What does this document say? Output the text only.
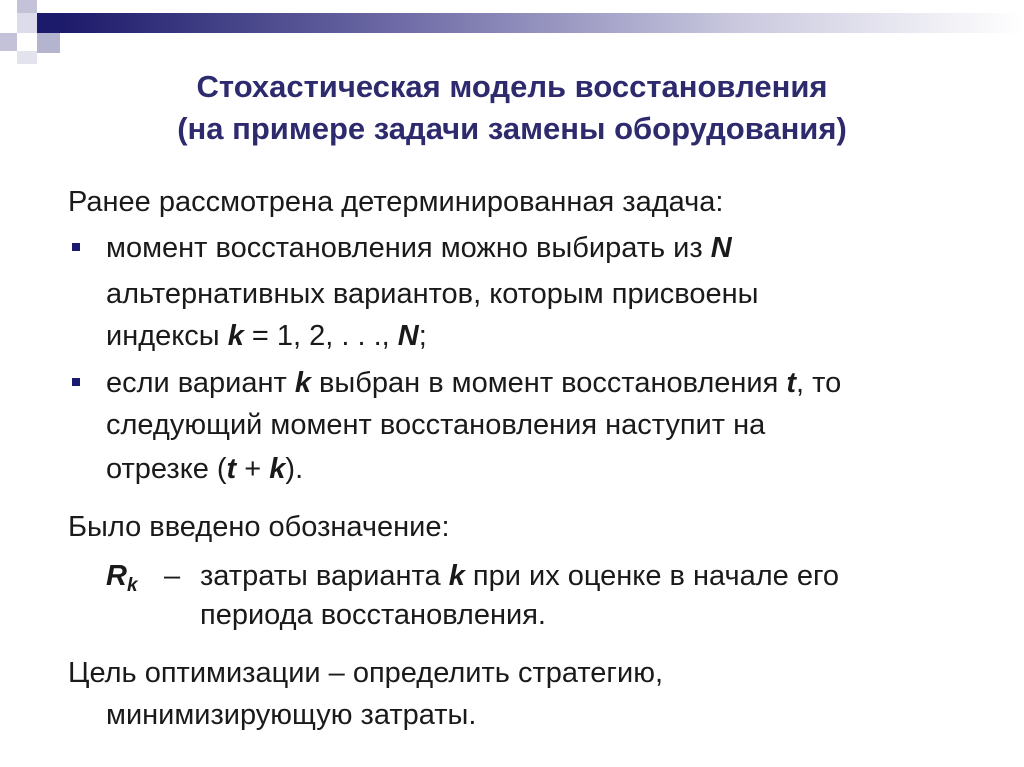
Стохастическая модель восстановления
(на примере задачи замены оборудования)
Ранее рассмотрена детерминированная задача:
момент восстановления можно выбирать из N
альтернативных вариантов, которым присвоены
индексы k = 1, 2, . . ., N;
если вариант k выбран в момент восстановления t, то
следующий момент восстановления наступит на
отрезке (t + k).
Было введено обозначение:
$R_k$ – затраты варианта k при их оценке в начале его
периода восстановления.
Цель оптимизации – определить стратегию,
минимизирующую затраты.
